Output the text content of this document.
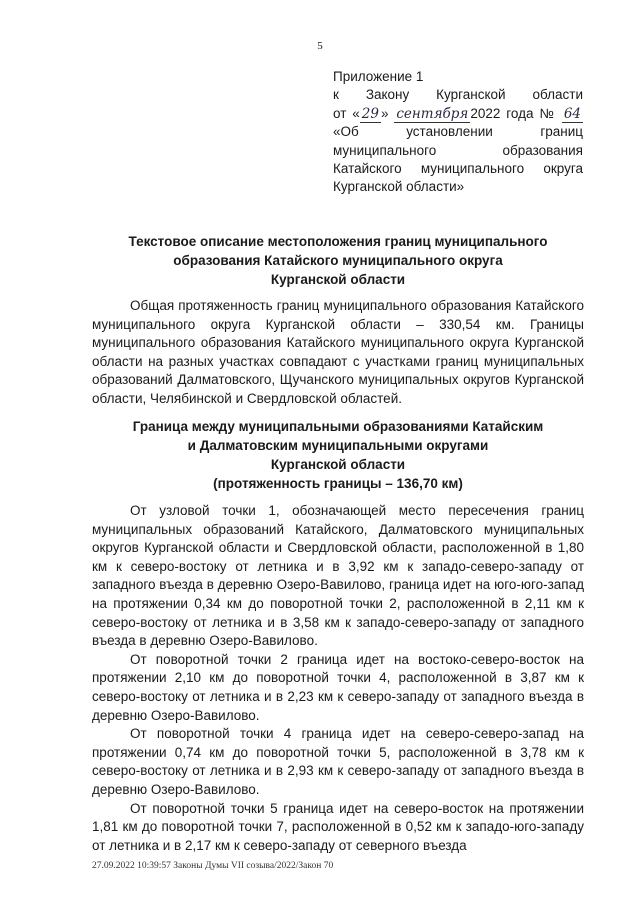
5
Приложение 1
к Закону Курганской области
от « 29 » сентября 2022 года № 64
«Об установлении границ
муниципального образования
Катайского муниципального округа
Курганской области»
Текстовое описание местоположения границ муниципального
образования Катайского муниципального округа
Курганской области

Общая протяженность границ муниципального образования Катайского муниципального округа Курганской области – 330,54 км. Границы муниципального образования Катайского муниципального округа Курганской области на разных участках совпадают с участками границ муниципальных образований Далматовского, Щучанского муниципальных округов Курганской области, Челябинской и Свердловской областей.

Граница между муниципальными образованиями Катайским
и Далматовским муниципальными округами
Курганской области
(протяженность границы – 136,70 км)

От узловой точки 1, обозначающей место пересечения границ муниципальных образований Катайского, Далматовского муниципальных округов Курганской области и Свердловской области, расположенной в 1,80 км к северо-востоку от летника и в 3,92 км к западо-северо-западу от западного въезда в деревню Озеро-Вавилово, граница идет на юго-юго-запад на протяжении 0,34 км до поворотной точки 2, расположенной в 2,11 км к северо-востоку от летника и в 3,58 км к западо-северо-западу от западного въезда в деревню Озеро-Вавилово.

От поворотной точки 2 граница идет на востоко-северо-восток на протяжении 2,10 км до поворотной точки 4, расположенной в 3,87 км к северо-востоку от летника и в 2,23 км к северо-западу от западного въезда в деревню Озеро-Вавилово.

От поворотной точки 4 граница идет на северо-северо-запад на протяжении 0,74 км до поворотной точки 5, расположенной в 3,78 км к северо-востоку от летника и в 2,93 км к северо-западу от западного въезда в деревню Озеро-Вавилово.

От поворотной точки 5 граница идет на северо-восток на протяжении 1,81 км до поворотной точки 7, расположенной в 0,52 км к западо-юго-западу от летника и в 2,17 км к северо-западу от северного въезда

27.09.2022 10:39:57 Законы Думы VII созыва/2022/Закон 70
